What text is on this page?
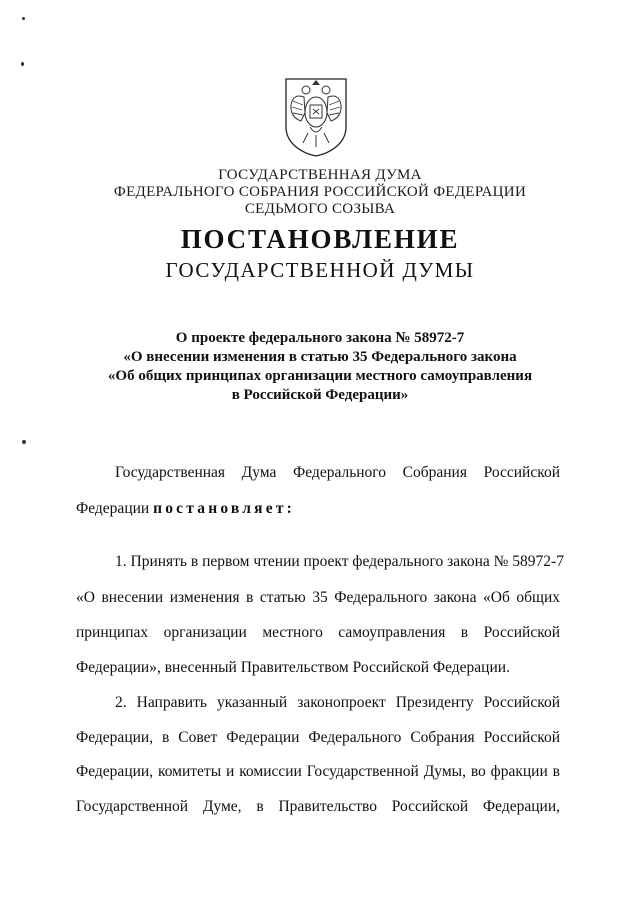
ГОСУДАРСТВЕННАЯ ДУМА
ФЕДЕРАЛЬНОГО СОБРАНИЯ РОССИЙСКОЙ ФЕДЕРАЦИИ
СЕДЬМОГО СОЗЫВА
ПОСТАНОВЛЕНИЕ
ГОСУДАРСТВЕННОЙ ДУМЫ
О проекте федерального закона № 58972-7
«О внесении изменения в статью 35 Федерального закона
«Об общих принципах организации местного самоуправления
в Российской Федерации»
Государственная Дума Федерального Собрания Российской
Федерации постановляет:
1. Принять в первом чтении проект федерального закона № 58972-7
«О внесении изменения в статью 35 Федерального закона «Об общих
принципах организации местного самоуправления в Российской
Федерации», внесенный Правительством Российской Федерации.
2. Направить указанный законопроект Президенту Российской
Федерации, в Совет Федерации Федерального Собрания Российской
Федерации, комитеты и комиссии Государственной Думы, во фракции в
Государственной Думе, в Правительство Российской Федерации,
